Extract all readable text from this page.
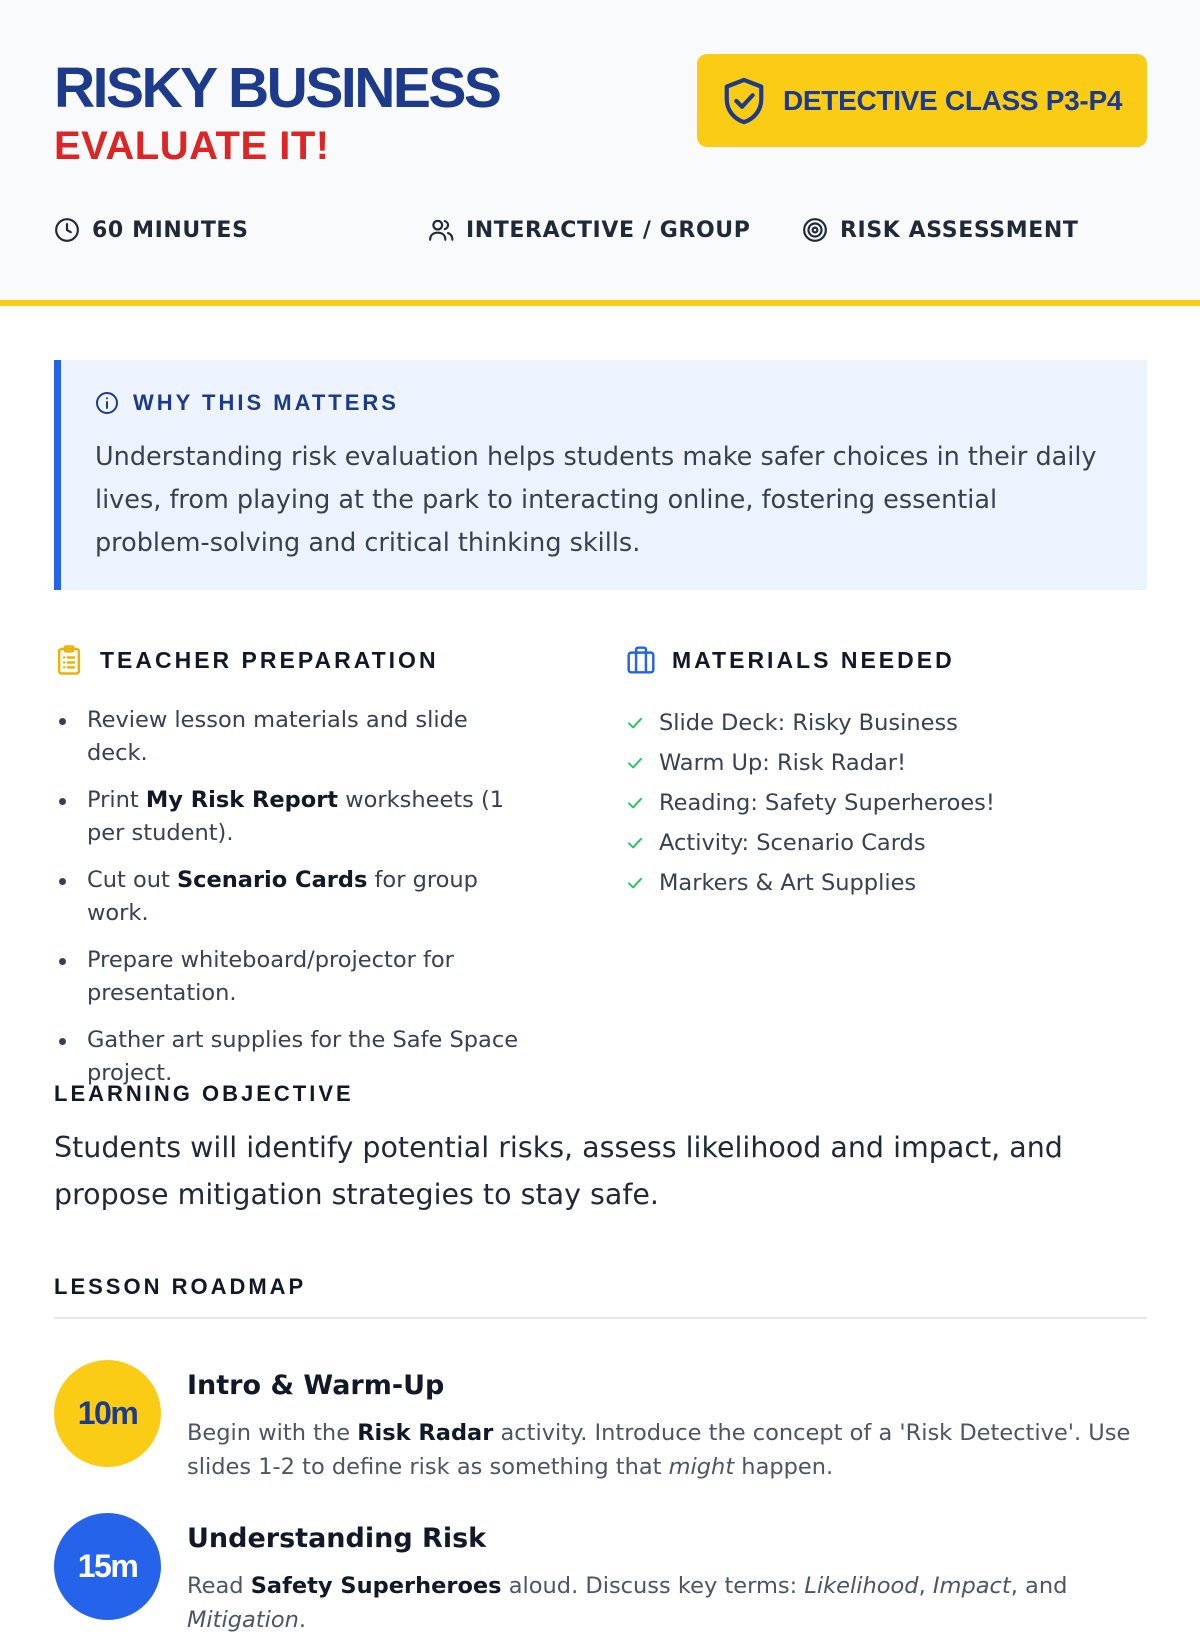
RISKY BUSINESS
EVALUATE IT!
DETECTIVE CLASS P3-P4
60 MINUTES	INTERACTIVE / GROUP	RISK ASSESSMENT
WHY THIS MATTERS

Understanding risk evaluation helps students make safer choices in their daily lives, from playing at the park to interacting online, fostering essential problem-solving and critical thinking skills.

TEACHER PREPARATION
Review lesson materials and slide deck.
Print My Risk Report worksheets (1 per student).
Cut out Scenario Cards for group work.
Prepare whiteboard/projector for presentation.
Gather art supplies for the Safe Space project.
MATERIALS NEEDED
Slide Deck: Risky Business
Warm Up: Risk Radar!
Reading: Safety Superheroes!
Activity: Scenario Cards
Markers & Art Supplies
LEARNING OBJECTIVE

Students will identify potential risks, assess likelihood and impact, and propose mitigation strategies to stay safe.

LESSON ROADMAP
10m
Intro & Warm-Up

Begin with the Risk Radar activity. Introduce the concept of a 'Risk Detective'. Use slides 1-2 to define risk as something that might happen.

15m
Understanding Risk

Read Safety Superheroes aloud. Discuss key terms: Likelihood, Impact, and Mitigation.
